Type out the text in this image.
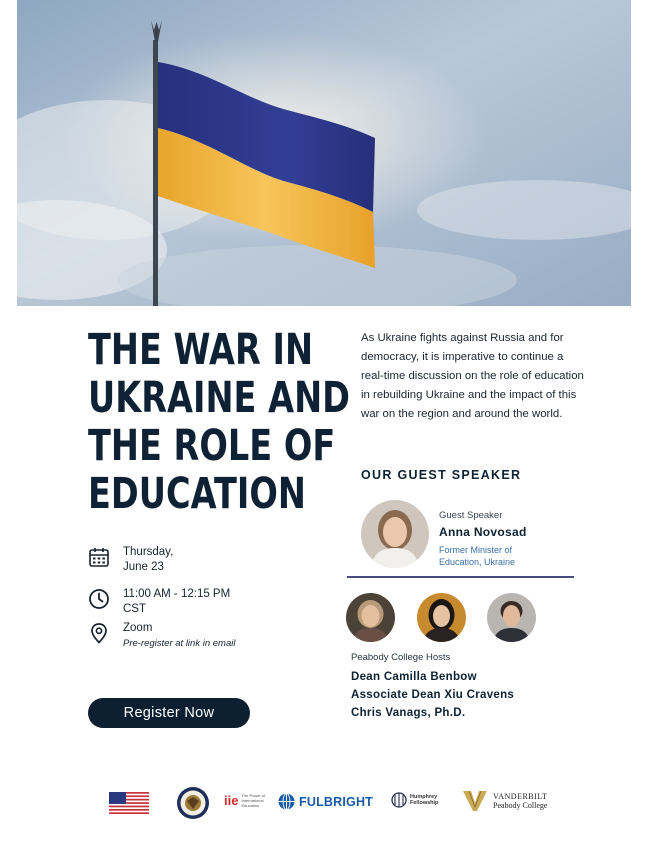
THE WAR IN
UKRAINE AND
THE ROLE OF
EDUCATION
Thursday,
June 23
11:00 AM - 12:15 PM
CST
Zoom
Pre-register at link in email
Register Now

As Ukraine fights against Russia and for democracy, it is imperative to continue a real-time discussion on the role of education in rebuilding Ukraine and the impact of this war on the region and around the world.

OUR GUEST SPEAKER
Guest Speaker
Anna Novosad
Former Minister of
Education, Ukraine
Peabody College Hosts
Dean Camilla Benbow
Associate Dean Xiu Cravens
Chris Vanags, Ph.D.
iie The Power of International Education	FULBRIGHT	Humphrey
Fellowship
VANDERBILT
Peabody College
